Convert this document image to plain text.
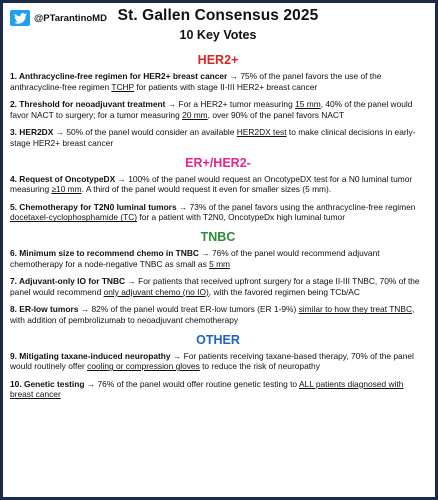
@PTarantinoMD St. Gallen Consensus 2025
10 Key Votes
HER2+

1. Anthracycline-free regimen for HER2+ breast cancer → 75% of the panel favors the use of the anthracycline-free regimen TCHP for patients with stage II-III HER2+ breast cancer

2. Threshold for neoadjuvant treatment → For a HER2+ tumor measuring 15 mm, 40% of the panel would favor NACT to surgery; for a tumor measuring 20 mm, over 90% of the panel favors NACT

3. HER2DX → 50% of the panel would consider an available HER2DX test to make clinical decisions in early-stage HER2+ breast cancer

ER+/HER2-

4. Request of OncotypeDX → 100% of the panel would request an OncotypeDX test for a N0 luminal tumor measuring ≥10 mm. A third of the panel would request it even for smaller sizes (5 mm).

5. Chemotherapy for T2N0 luminal tumors → 73% of the panel favors using the anthracycline-free regimen docetaxel-cyclophosphamide (TC) for a patient with T2N0, OncotypeDx high luminal tumor

TNBC

6. Minimum size to recommend chemo in TNBC → 76% of the panel would recommend adjuvant chemotherapy for a node-negative TNBC as small as 5 mm

7. Adjuvant-only IO for TNBC → For patients that received upfront surgery for a stage II-III TNBC, 70% of the panel would recommend only adjuvant chemo (no IO), with the favored regimen being TCb/AC

8. ER-low tumors → 82% of the panel would treat ER-low tumors (ER 1-9%) similar to how they treat TNBC, with addition of pembrolizumab to neoadjuvant chemotherapy

OTHER

9. Mitigating taxane-induced neuropathy → For patients receiving taxane-based therapy, 70% of the panel would routinely offer cooling or compression gloves to reduce the risk of neuropathy

10. Genetic testing → 76% of the panel would offer routine genetic testing to ALL patients diagnosed with breast cancer
